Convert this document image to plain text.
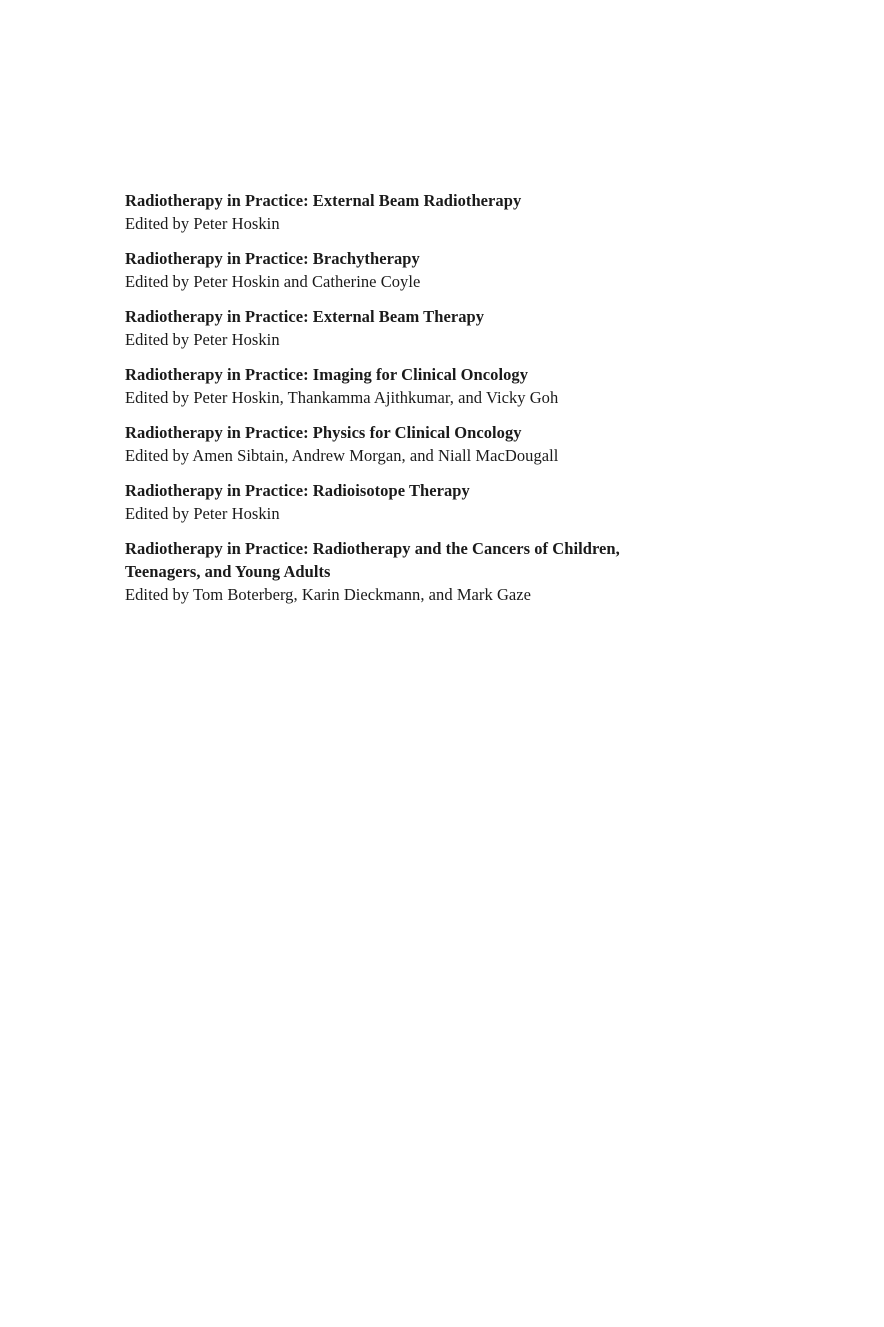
Radiotherapy in Practice: External Beam Radiotherapy

Edited by Peter Hoskin

Radiotherapy in Practice: Brachytherapy

Edited by Peter Hoskin and Catherine Coyle

Radiotherapy in Practice: External Beam Therapy

Edited by Peter Hoskin

Radiotherapy in Practice: Imaging for Clinical Oncology

Edited by Peter Hoskin, Thankamma Ajithkumar, and Vicky Goh

Radiotherapy in Practice: Physics for Clinical Oncology

Edited by Amen Sibtain, Andrew Morgan, and Niall MacDougall

Radiotherapy in Practice: Radioisotope Therapy

Edited by Peter Hoskin

Radiotherapy in Practice: Radiotherapy and the Cancers of Children,

Teenagers, and Young Adults

Edited by Tom Boterberg, Karin Dieckmann, and Mark Gaze
